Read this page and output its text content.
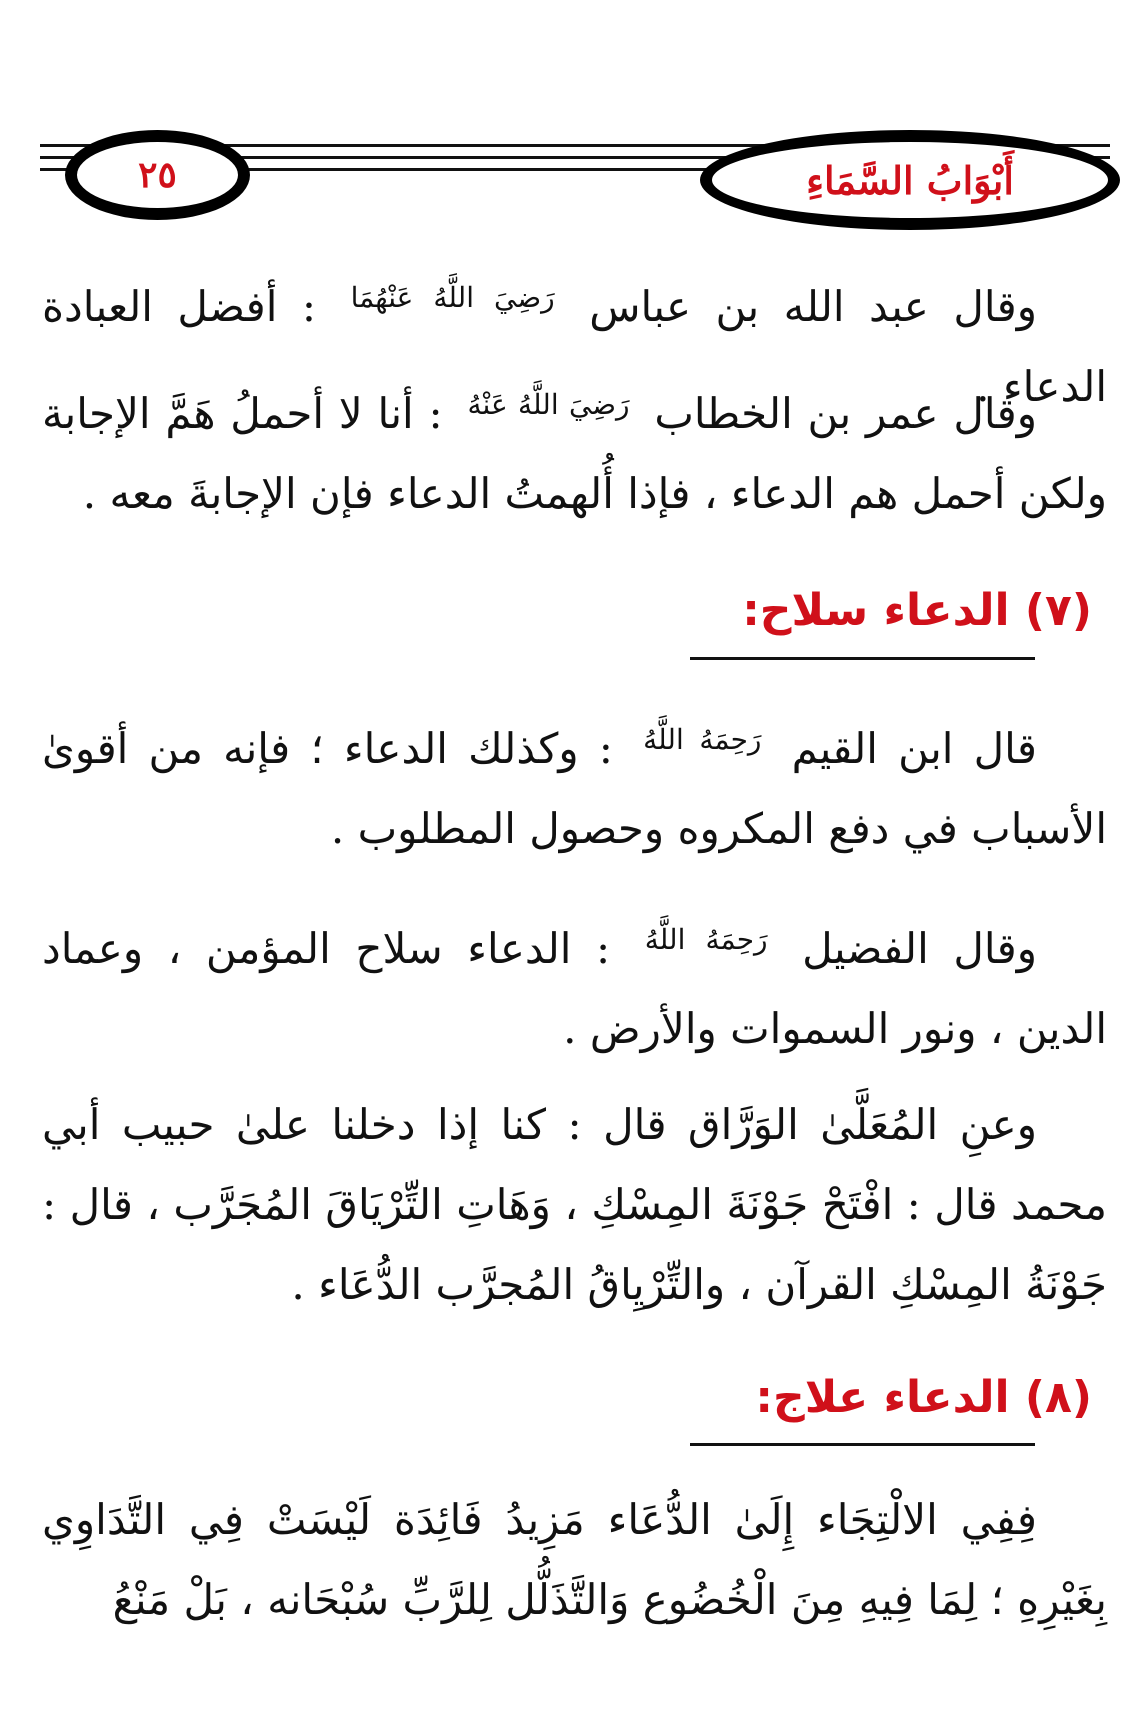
٢٥	أَبْوَابُ السَّمَاءِ

وقال عبد الله بن عباس $^{رَضِيَ اللَّهُ عَنْهُمَا}$ : أفضل العبادة الدعاء .

وقال عمر بن الخطاب $^{رَضِيَ اللَّهُ عَنْهُ}$ : أنا لا أحملُ هَمَّ الإجابة ولكن أحمل هم الدعاء ، فإذا أُلهمتُ الدعاء فإن الإجابةَ معه .

(٧) الدعاء سلاح:

قال ابن القيم $^{رَحِمَهُ اللَّهُ}$ : وكذلك الدعاء ؛ فإنه من أقوىٰ الأسباب في دفع المكروه وحصول المطلوب .

وقال الفضيل $^{رَحِمَهُ اللَّهُ}$ : الدعاء سلاح المؤمن ، وعماد الدين ، ونور السموات والأرض .

وعنِ المُعَلَّىٰ الوَرَّاق قال : كنا إذا دخلنا علىٰ حبيب أبي محمد قال : افْتَحْ جَوْنَةَ المِسْكِ ، وَهَاتِ التِّرْيَاقَ المُجَرَّب ، قال : جَوْنَةُ المِسْكِ القرآن ، والتِّرْيِاقُ المُجرَّب الدُّعَاء .

(٨) الدعاء علاج:

فِفِي الالْتِجَاء إِلَىٰ الدُّعَاء مَزِيدُ فَائِدَة لَيْسَتْ فِي التَّدَاوِي بِغَيْرِهِ ؛ لِمَا فِيهِ مِنَ الْخُضُوع وَالتَّذَلُّل لِلرَّبِّ سُبْحَانه ، بَلْ مَنْعُ
